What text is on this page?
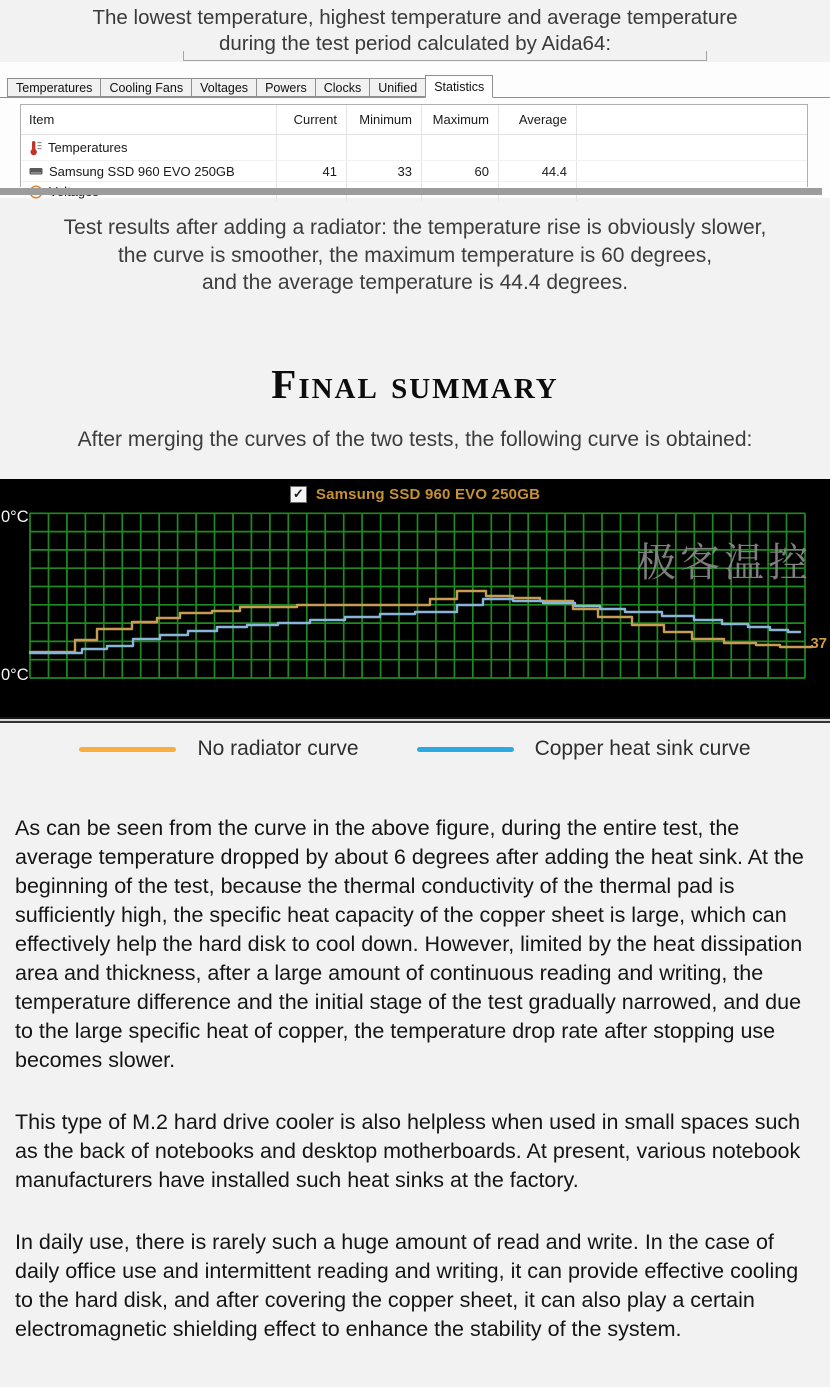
The lowest temperature, highest temperature and average temperature
during the test period calculated by Aida64:
Temperatures	Cooling Fans	Voltages	Powers	Clocks	Unified	Statistics
Item	Current	Minimum	Maximum	Average
Temperatures
Samsung SSD 960 EVO 250GB	41	33	60	44.4
Test results after adding a radiator: the temperature rise is obviously slower,
the curve is smoother, the maximum temperature is 60 degrees,
and the average temperature is 44.4 degrees.
Final summary
After merging the curves of the two tests, the following curve is obtained:
✓ Samsung SSD 960 EVO 250GB
极客温控
0°C
0°C
37
No radiator curve	Copper heat sink curve

As can be seen from the curve in the above figure, during the entire test, the average temperature dropped by about 6 degrees after adding the heat sink. At the beginning of the test, because the thermal conductivity of the thermal pad is sufficiently high, the specific heat capacity of the copper sheet is large, which can effectively help the hard disk to cool down. However, limited by the heat dissipation area and thickness, after a large amount of continuous reading and writing, the temperature difference and the initial stage of the test gradually narrowed, and due to the large specific heat of copper, the temperature drop rate after stopping use becomes slower.

This type of M.2 hard drive cooler is also helpless when used in small spaces such as the back of notebooks and desktop motherboards. At present, various notebook manufacturers have installed such heat sinks at the factory.

In daily use, there is rarely such a huge amount of read and write. In the case of daily office use and intermittent reading and writing, it can provide effective cooling to the hard disk, and after covering the copper sheet, it can also play a certain electromagnetic shielding effect to enhance the stability of the system.
